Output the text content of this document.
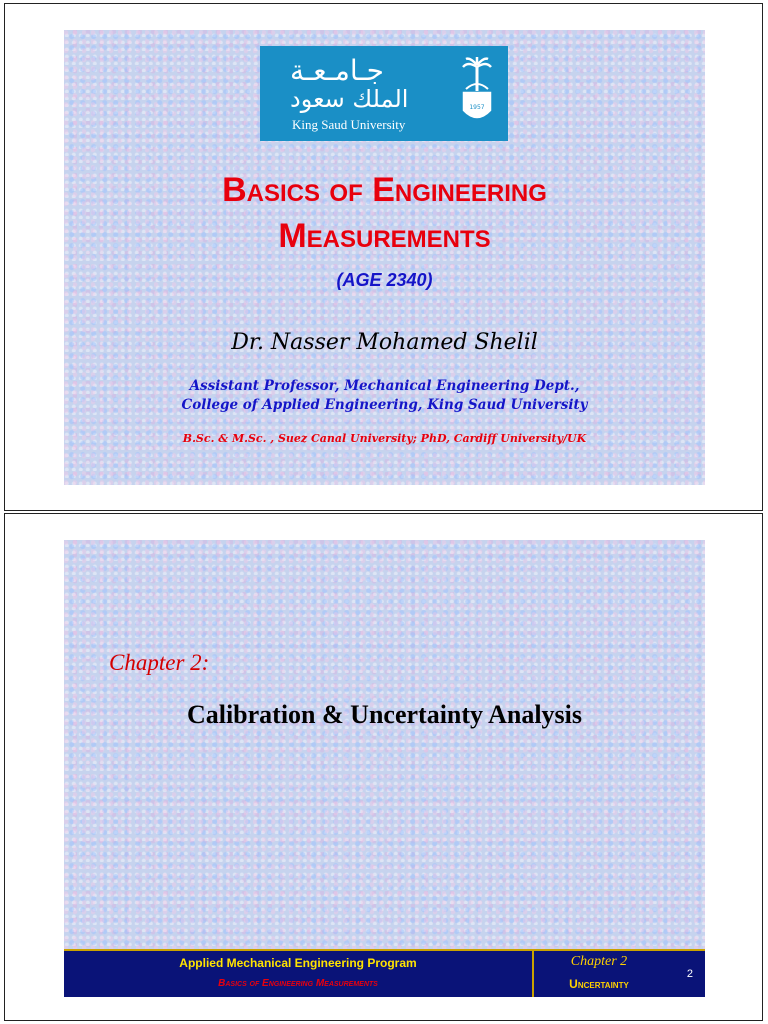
جـامـعـة
الملك سعود
King Saud University
1957
Basics of Engineering
Measurements
(AGE 2340)
Dr. Nasser Mohamed Shelil
Assistant Professor, Mechanical Engineering Dept.,
College of Applied Engineering, King Saud University
B.Sc. & M.Sc. , Suez Canal University; PhD, Cardiff University/UK
Chapter 2:
Calibration & Uncertainty Analysis
Applied Mechanical Engineering Program
Basics of Engineering Measurements
Chapter 2
Uncertainty
2
